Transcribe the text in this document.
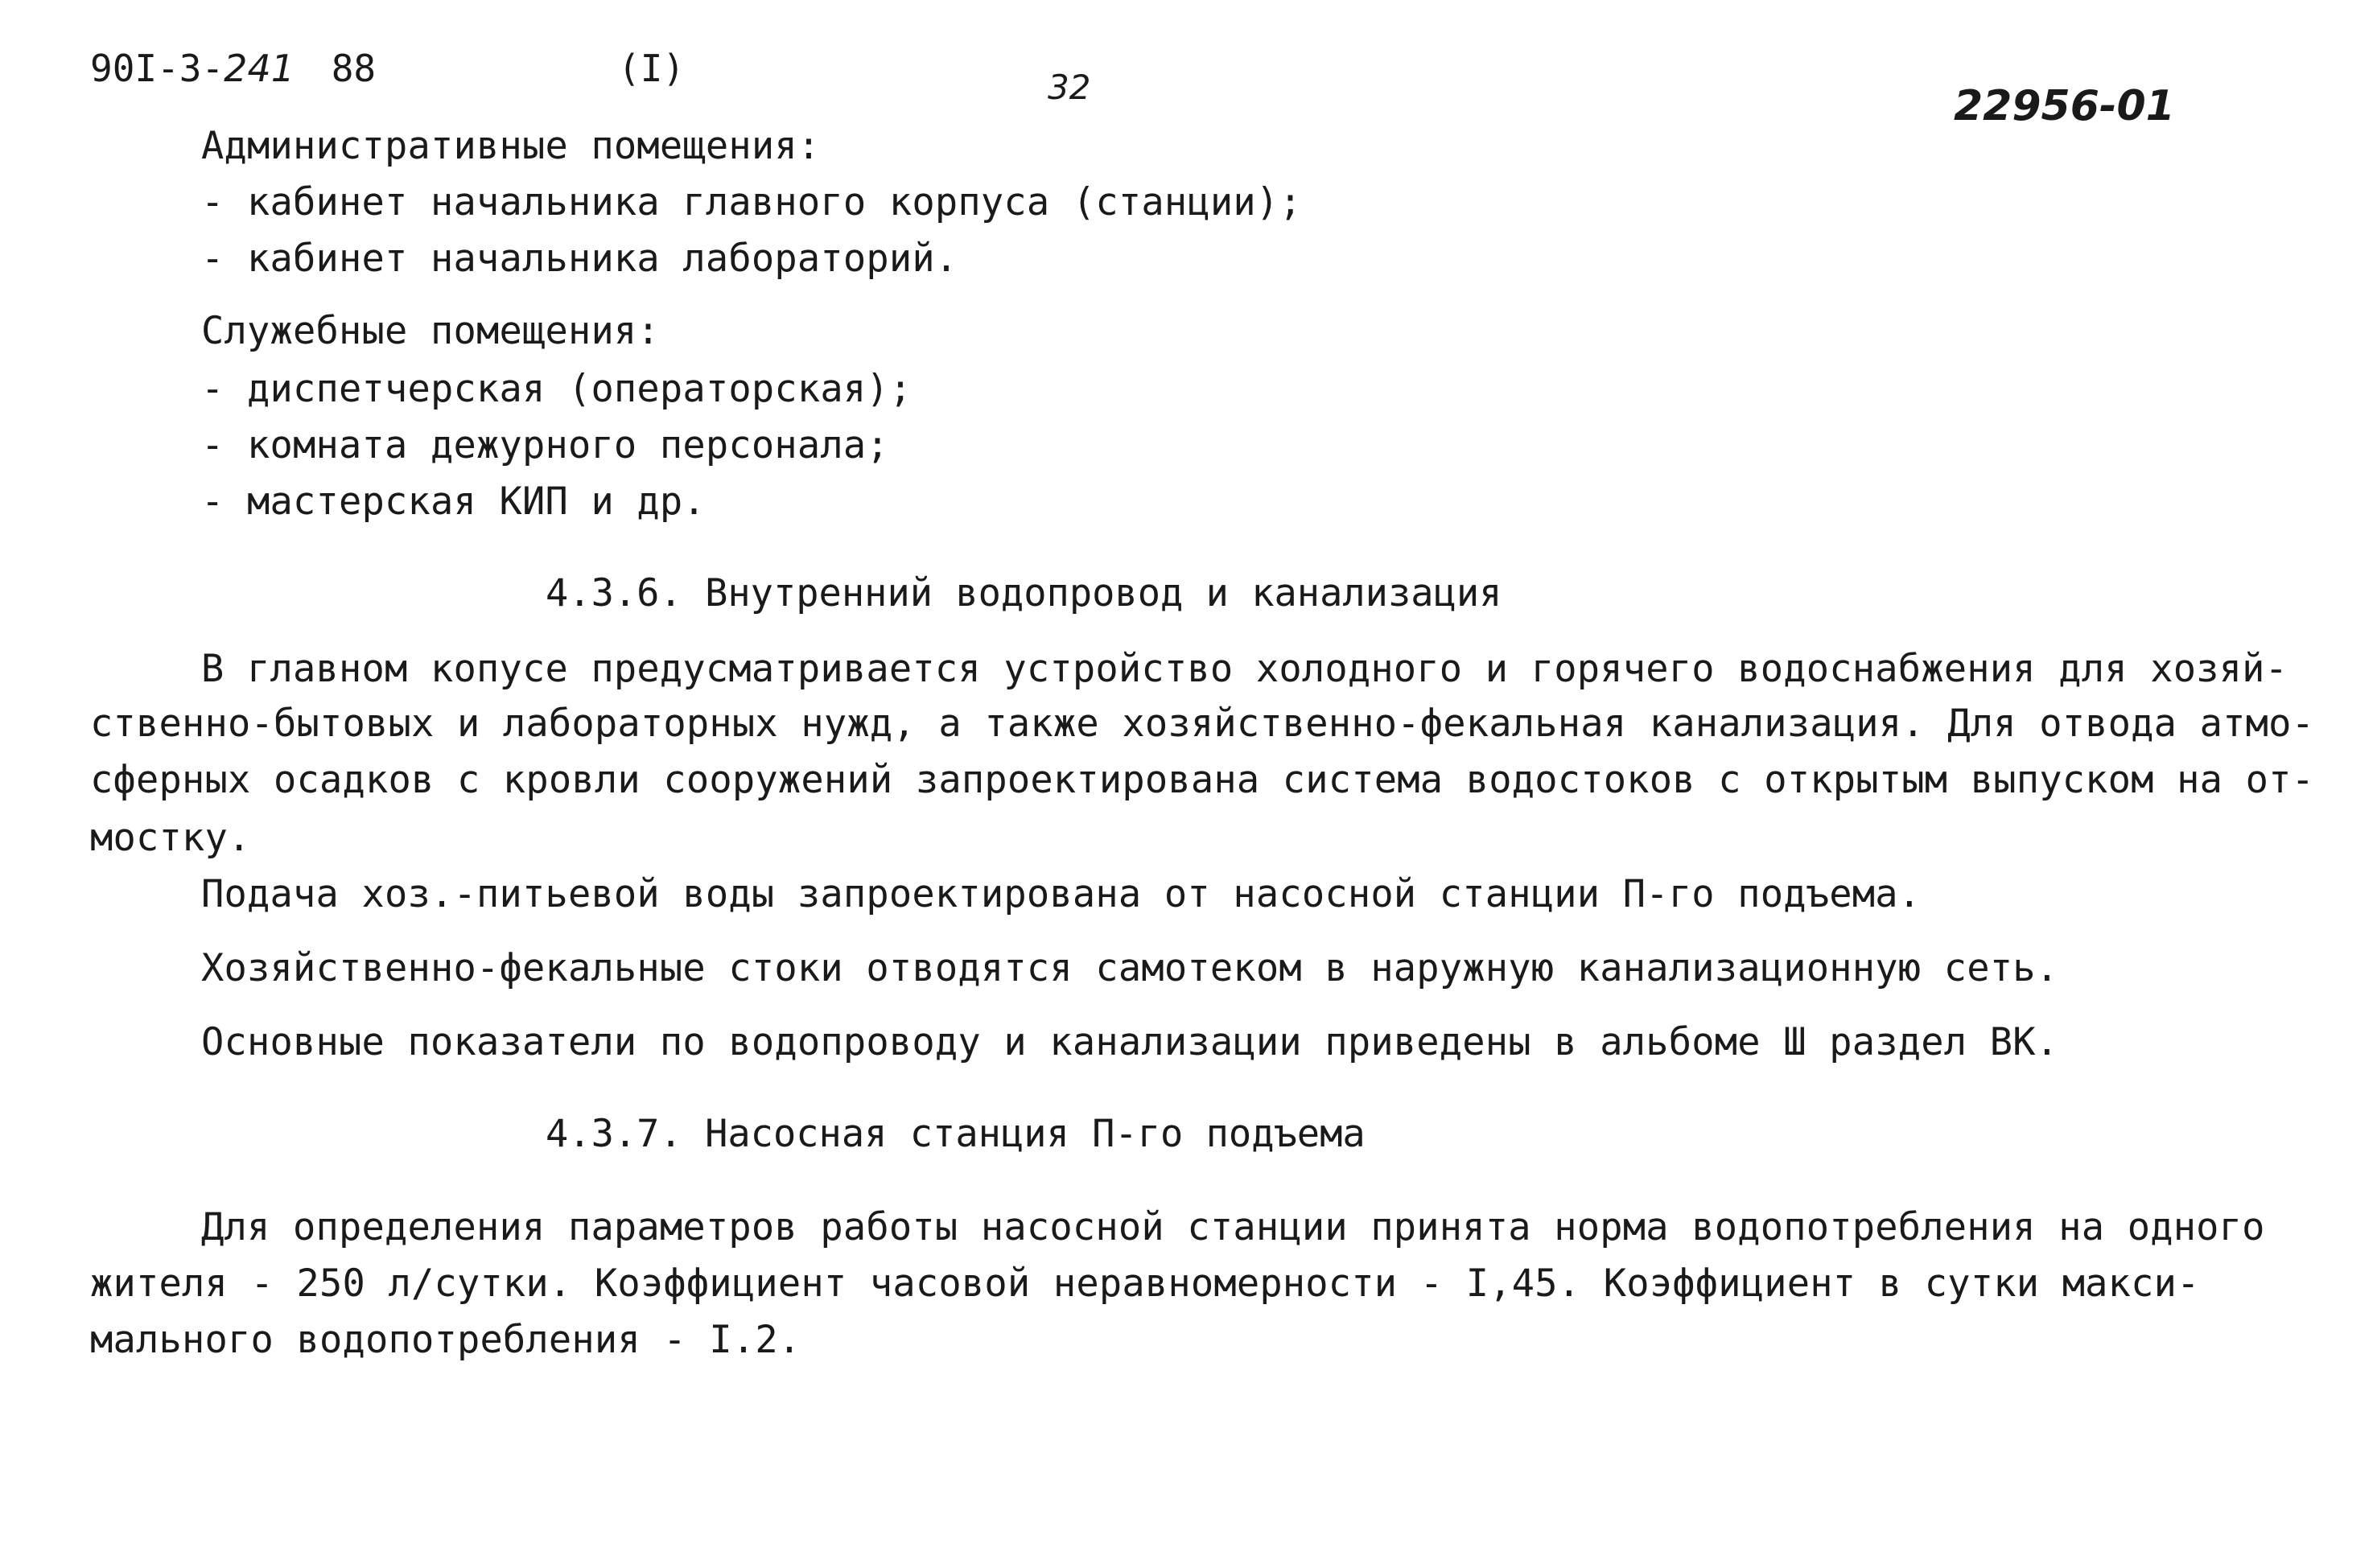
90I-3-241 88	(I)	32	22956-01
Административные помещения:
- кабинет начальника главного корпуса (станции);
- кабинет начальника лабораторий.
Служебные помещения:
- диспетчерская (операторская);
- комната дежурного персонала;
- мастерская КИП и др.
4.3.6. Внутренний водопровод и канализация
В главном копусе предусматривается устройство холодного и горячего водоснабжения для хозяй-
ственно-бытовых и лабораторных нужд, а также хозяйственно-фекальная канализация. Для отвода атмо-
сферных осадков с кровли сооружений запроектирована система водостоков с открытым выпуском на от-
мостку.
Подача хоз.-питьевой воды запроектирована от насосной станции П-го подъема.
Хозяйственно-фекальные стоки отводятся самотеком в наружную канализационную сеть.
Основные показатели по водопроводу и канализации приведены в альбоме Ш раздел ВК.
4.3.7. Насосная станция П-го подъема
Для определения параметров работы насосной станции принята норма водопотребления на одного
жителя - 250 л/сутки. Коэффициент часовой неравномерности - I,45. Коэффициент в сутки макси-
мального водопотребления - I.2.
